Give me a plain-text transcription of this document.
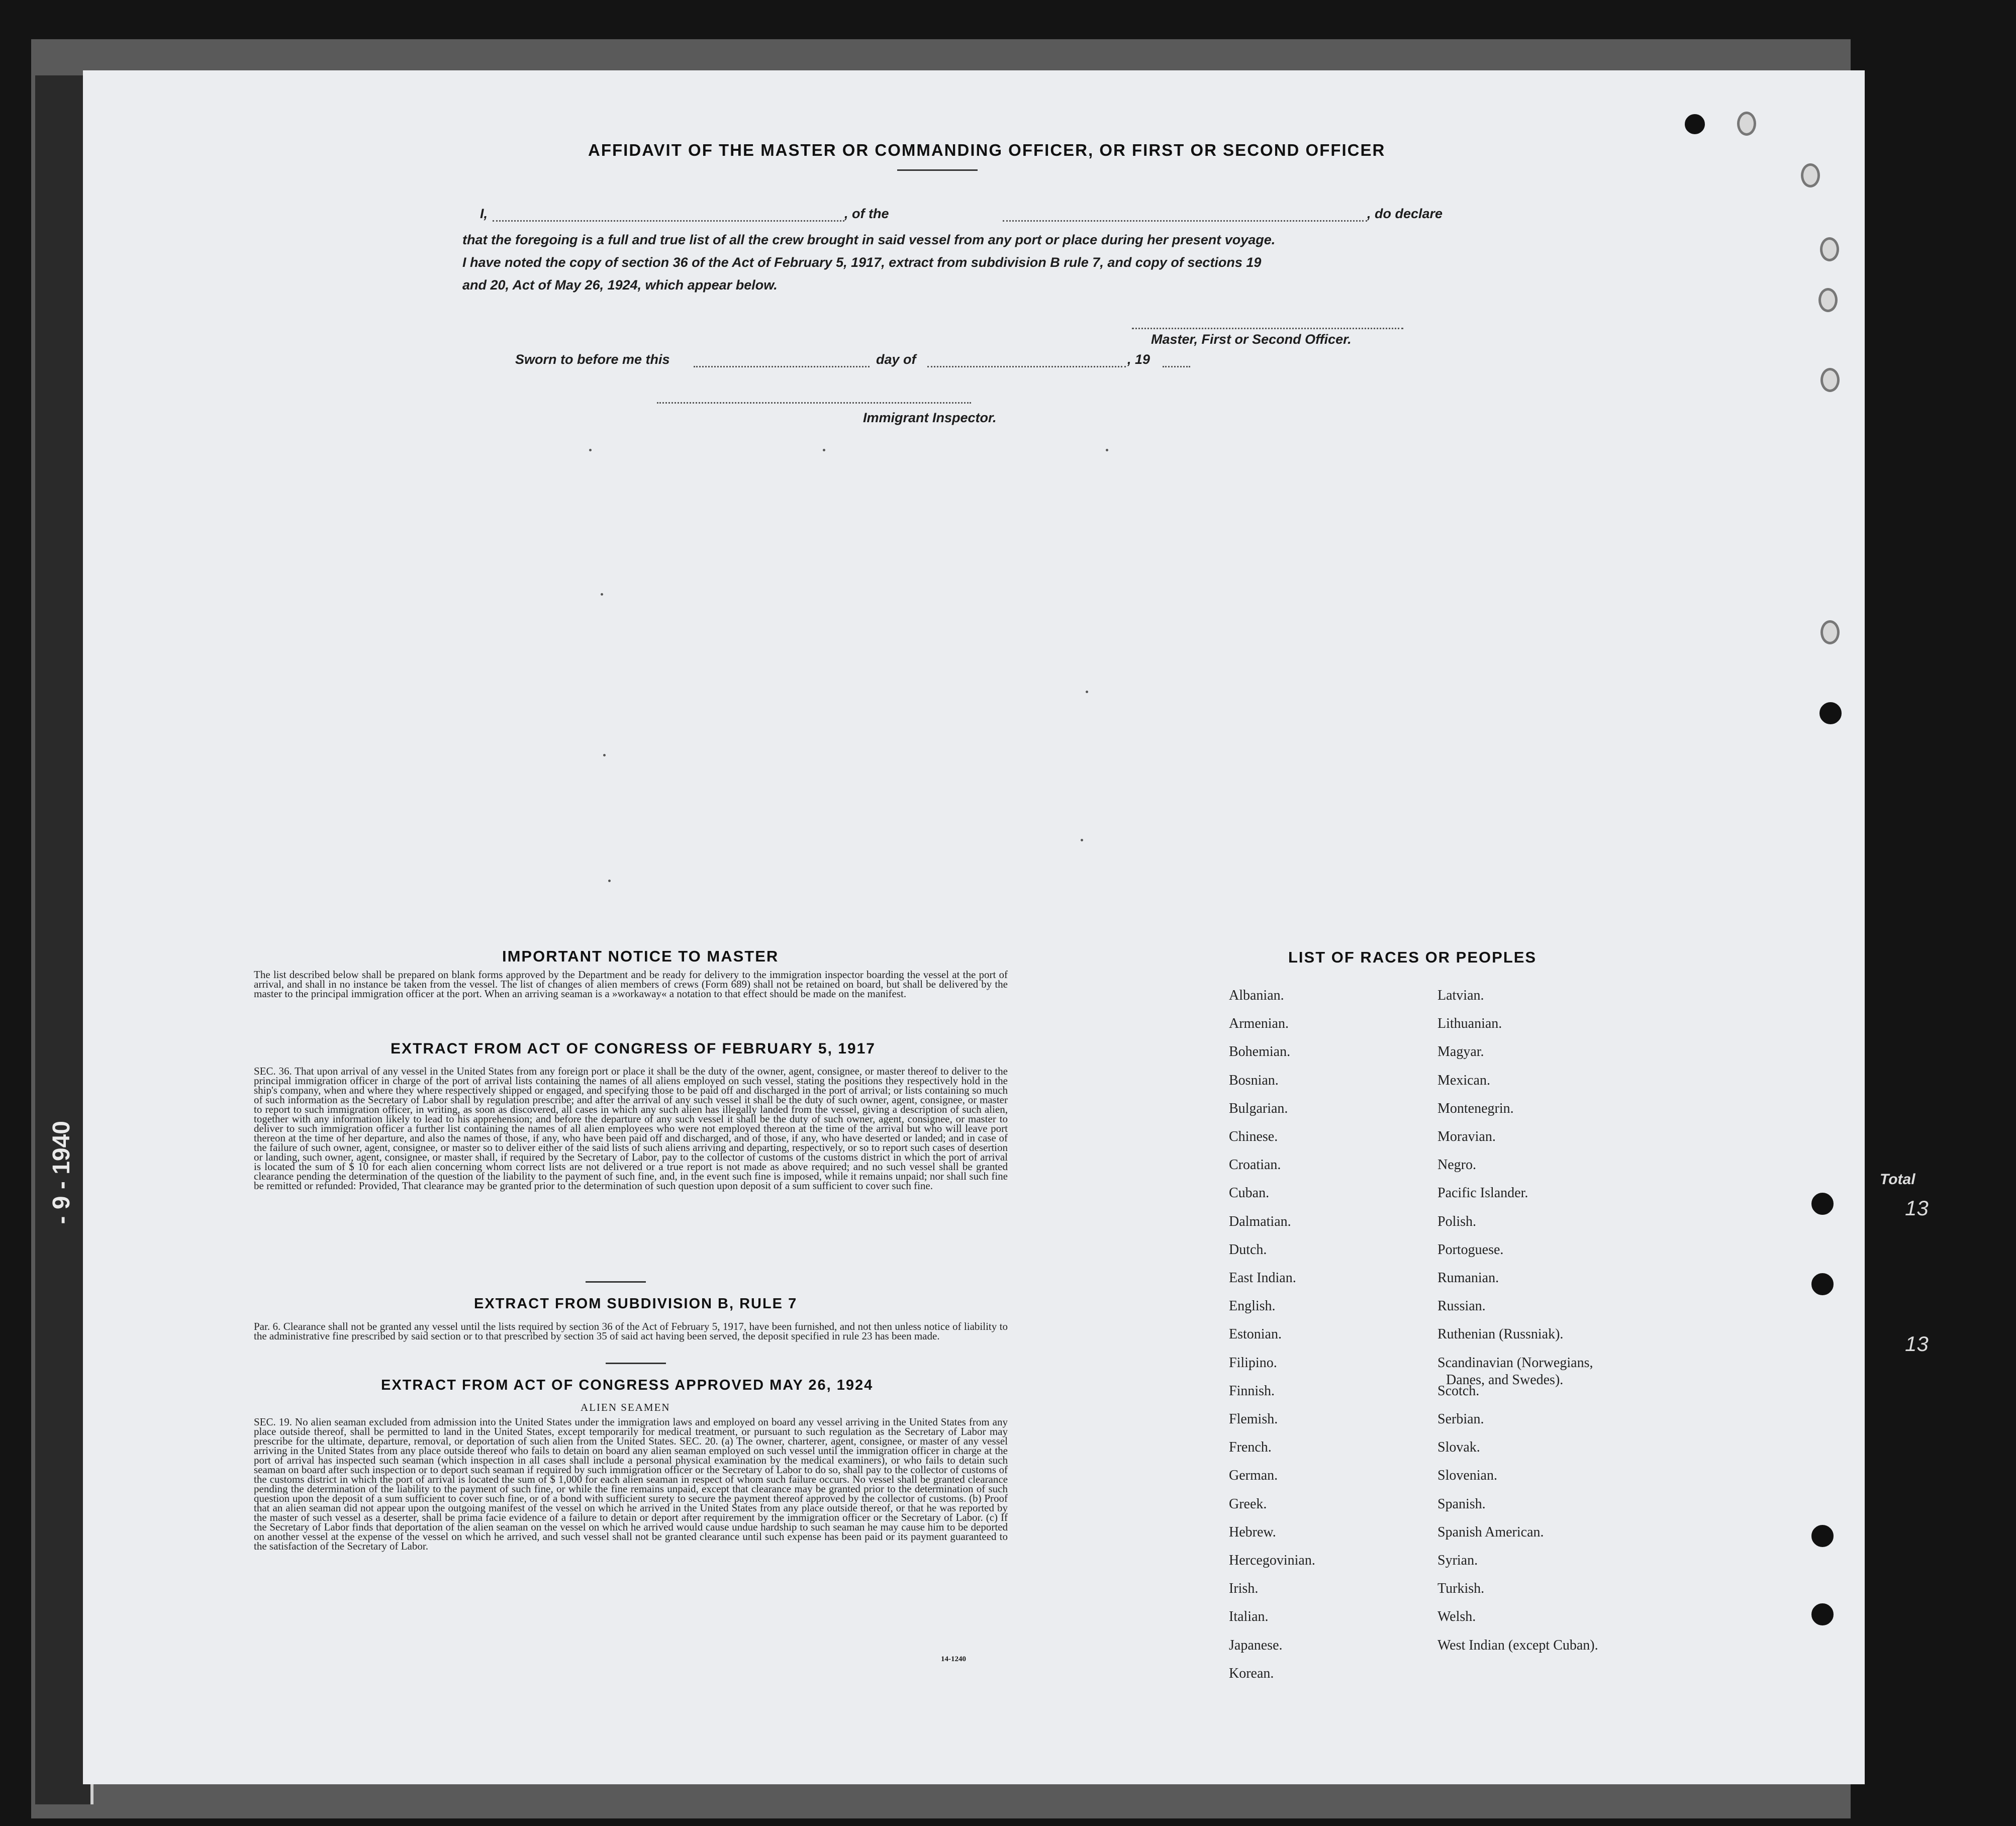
- 9 - 1940	Total
13
13
AFFIDAVIT OF THE MASTER OR COMMANDING OFFICER, OR FIRST OR SECOND OFFICER
I,	, of the	, do declare
that the foregoing is a full and true list of all the crew brought in said vessel from any port or place during her present voyage.
I have noted the copy of section 36 of the Act of February 5, 1917, extract from subdivision B rule 7, and copy of sections 19
and 20, Act of May 26, 1924, which appear below.
Master, First or Second Officer.
Sworn to before me this	day of	, 19
Immigrant Inspector.
IMPORTANT NOTICE TO MASTER
The list described below shall be prepared on blank forms approved by the Department and be ready for delivery to the immigration inspector boarding the vessel at the port of arrival, and shall in no instance be taken from the vessel. The list of changes of alien members of crews (Form 689) shall not be retained on board, but shall be delivered by the master to the principal immigration officer at the port. When an arriving seaman is a »workaway« a notation to that effect should be made on the manifest.
EXTRACT FROM ACT OF CONGRESS OF FEBRUARY 5, 1917
SEC. 36. That upon arrival of any vessel in the United States from any foreign port or place it shall be the duty of the owner, agent, consignee, or master thereof to deliver to the principal immigration officer in charge of the port of arrival lists containing the names of all aliens employed on such vessel, stating the positions they respectively hold in the ship's company, when and where they where respectively shipped or engaged, and specifying those to be paid off and discharged in the port of arrival; or lists containing so much of such information as the Secretary of Labor shall by regulation prescribe; and after the arrival of any such vessel it shall be the duty of such owner, agent, consignee, or master to report to such immigration officer, in writing, as soon as discovered, all cases in which any such alien has illegally landed from the vessel, giving a description of such alien, together with any information likely to lead to his apprehension; and before the departure of any such vessel it shall be the duty of such owner, agent, consignee, or master to deliver to such immigration officer a further list containing the names of all alien employees who were not employed thereon at the time of the arrival but who will leave port thereon at the time of her departure, and also the names of those, if any, who have been paid off and discharged, and of those, if any, who have deserted or landed; and in case of the failure of such owner, agent, consignee, or master so to deliver either of the said lists of such aliens arriving and departing, respectively, or so to report such cases of desertion or landing, such owner, agent, consignee, or master shall, if required by the Secretary of Labor, pay to the collector of customs of the customs district in which the port of arrival is located the sum of $ 10 for each alien concerning whom correct lists are not delivered or a true report is not made as above required; and no such vessel shall be granted clearance pending the determination of the question of the liability to the payment of such fine, and, in the event such fine is imposed, while it remains unpaid; nor shall such fine be remitted or refunded: Provided, That clearance may be granted prior to the determination of such question upon deposit of a sum sufficient to cover such fine.
EXTRACT FROM SUBDIVISION B, RULE 7
Par. 6. Clearance shall not be granted any vessel until the lists required by section 36 of the Act of February 5, 1917, have been furnished, and not then unless notice of liability to the administrative fine prescribed by said section or to that prescribed by section 35 of said act having been served, the deposit specified in rule 23 has been made.
EXTRACT FROM ACT OF CONGRESS APPROVED MAY 26, 1924
ALIEN SEAMEN
SEC. 19. No alien seaman excluded from admission into the United States under the immigration laws and employed on board any vessel arriving in the United States from any place outside thereof, shall be permitted to land in the United States, except temporarily for medical treatment, or pursuant to such regulation as the Secretary of Labor may prescribe for the ultimate, departure, removal, or deportation of such alien from the United States. SEC. 20. (a) The owner, charterer, agent, consignee, or master of any vessel arriving in the United States from any place outside thereof who fails to detain on board any alien seaman employed on such vessel until the immigration officer in charge at the port of arrival has inspected such seaman (which inspection in all cases shall include a personal physical examination by the medical examiners), or who fails to detain such seaman on board after such inspection or to deport such seaman if required by such immigration officer or the Secretary of Labor to do so, shall pay to the collector of customs of the customs district in which the port of arrival is located the sum of $ 1,000 for each alien seaman in respect of whom such failure occurs. No vessel shall be granted clearance pending the determination of the liability to the payment of such fine, or while the fine remains unpaid, except that clearance may be granted prior to the determination of such question upon the deposit of a sum sufficient to cover such fine, or of a bond with sufficient surety to secure the payment thereof approved by the collector of customs. (b) Proof that an alien seaman did not appear upon the outgoing manifest of the vessel on which he arrived in the United States from any place outside thereof, or that he was reported by the master of such vessel as a deserter, shall be prima facie evidence of a failure to detain or deport after requirement by the immigration officer or the Secretary of Labor. (c) If the Secretary of Labor finds that deportation of the alien seaman on the vessel on which he arrived would cause undue hardship to such seaman he may cause him to be deported on another vessel at the expense of the vessel on which he arrived, and such vessel shall not be granted clearance until such expense has been paid or its payment guaranteed to the satisfaction of the Secretary of Labor.
14-1240
LIST OF RACES OR PEOPLES
Albanian.
Armenian.
Bohemian.
Bosnian.
Bulgarian.
Chinese.
Croatian.
Cuban.
Dalmatian.
Dutch.
East Indian.
English.
Estonian.
Filipino.
Finnish.
Flemish.
French.
German.
Greek.
Hebrew.
Hercegovinian.
Irish.
Italian.
Japanese.
Korean.
Latvian.
Lithuanian.
Magyar.
Mexican.
Montenegrin.
Moravian.
Negro.
Pacific Islander.
Polish.
Portoguese.
Rumanian.
Russian.
Ruthenian (Russniak).
Scandinavian (Norwegians,
Danes, and Swedes).
Scotch.
Serbian.
Slovak.
Slovenian.
Spanish.
Spanish American.
Syrian.
Turkish.
Welsh.
West Indian (except Cuban).
